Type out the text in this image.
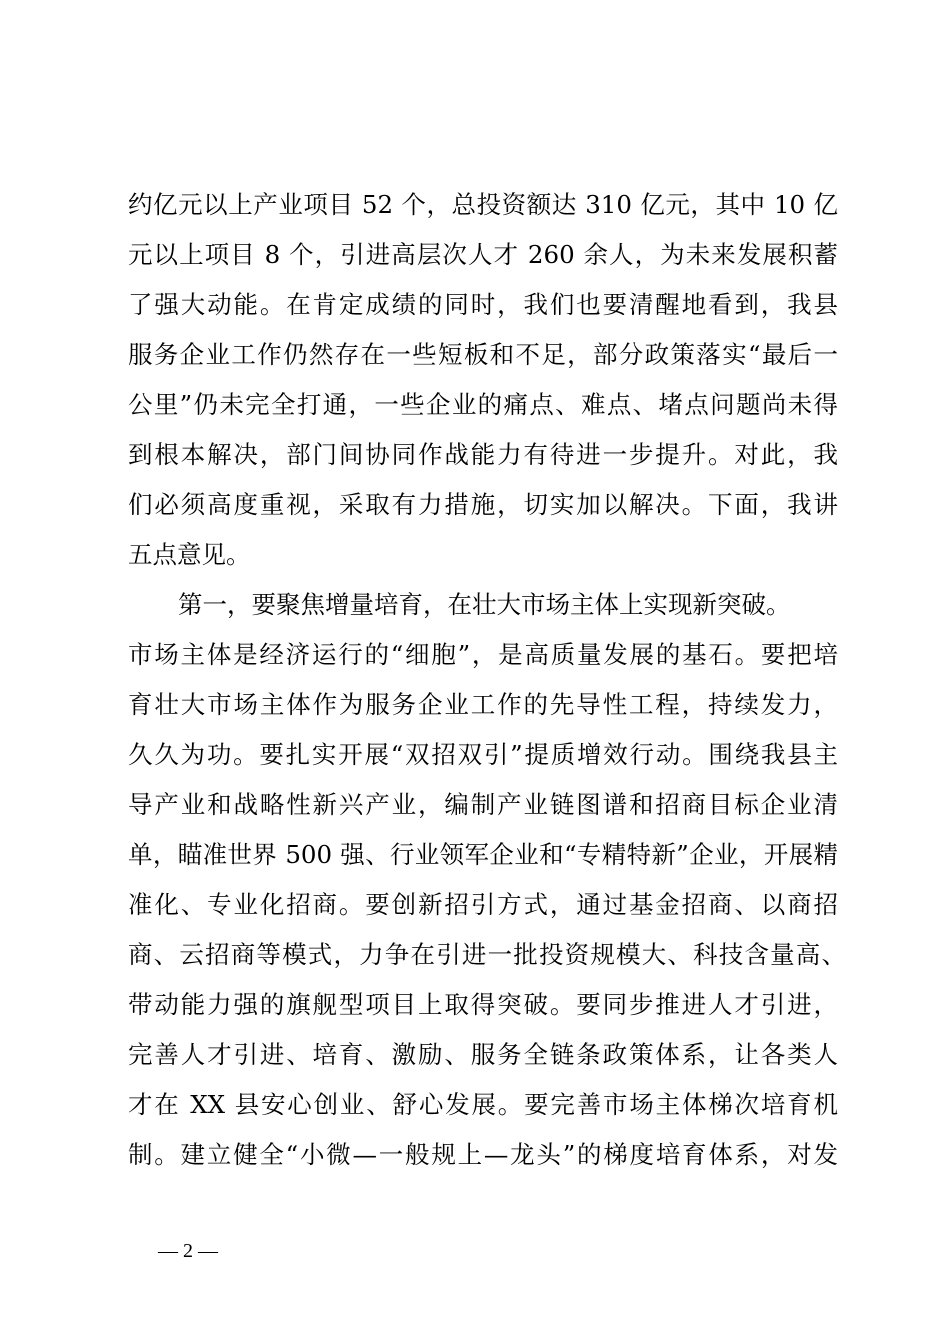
约亿元以上产业项目 52 个，总投资额达 310 亿元，其中 10 亿
元以上项目 8 个，引进高层次人才 260 余人，为未来发展积蓄
了强大动能。在肯定成绩的同时，我们也要清醒地看到，我县
服务企业工作仍然存在一些短板和不足，部分政策落实“最后一
公里”仍未完全打通，一些企业的痛点、难点、堵点问题尚未得
到根本解决，部门间协同作战能力有待进一步提升。对此，我
们必须高度重视，采取有力措施，切实加以解决。下面，我讲
五点意见。
第一，要聚焦增量培育，在壮大市场主体上实现新突破。
市场主体是经济运行的“细胞”，是高质量发展的基石。要把培
育壮大市场主体作为服务企业工作的先导性工程，持续发力，
久久为功。要扎实开展“双招双引”提质增效行动。围绕我县主
导产业和战略性新兴产业，编制产业链图谱和招商目标企业清
单，瞄准世界 500 强、行业领军企业和“专精特新”企业，开展精
准化、专业化招商。要创新招引方式，通过基金招商、以商招
商、云招商等模式，力争在引进一批投资规模大、科技含量高、
带动能力强的旗舰型项目上取得突破。要同步推进人才引进，
完善人才引进、培育、激励、服务全链条政策体系，让各类人
才在 XX 县安心创业、舒心发展。要完善市场主体梯次培育机
制。建立健全“小微—一般规上—龙头”的梯度培育体系，对发
— 2 —
